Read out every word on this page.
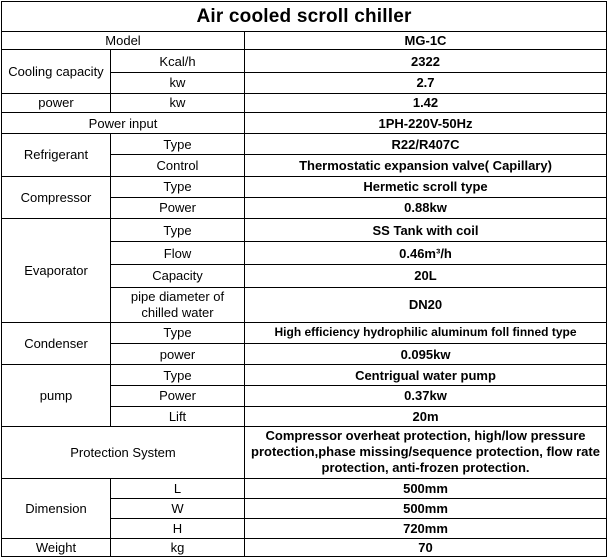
Air cooled scroll chiller		
Model		MG-1C
Cooling capacity	Kcal/h	2322
	kw	2.7
power	kw	1.42
Power input		1PH-220V-50Hz
Refrigerant	Type	R22/R407C
	Control	Thermostatic expansion valve( Capillary)
Compressor	Type	Hermetic scroll type
	Power	0.88kw
Evaporator	Type	SS Tank with coil
	Flow	0.46m³/h
	Capacity	20L
	pipe diameter of chilled water	DN20
Condenser	Type	High efficiency hydrophilic aluminum foll finned type
	power	0.095kw
pump	Type	Centrigual water pump
	Power	0.37kw
	Lift	20m
Protection System		Compressor overheat protection, high/low pressure protection,phase missing/sequence protection, flow rate protection, anti-frozen protection.
Dimension	L	500mm
	W	500mm
	H	720mm
Weight	kg	70
